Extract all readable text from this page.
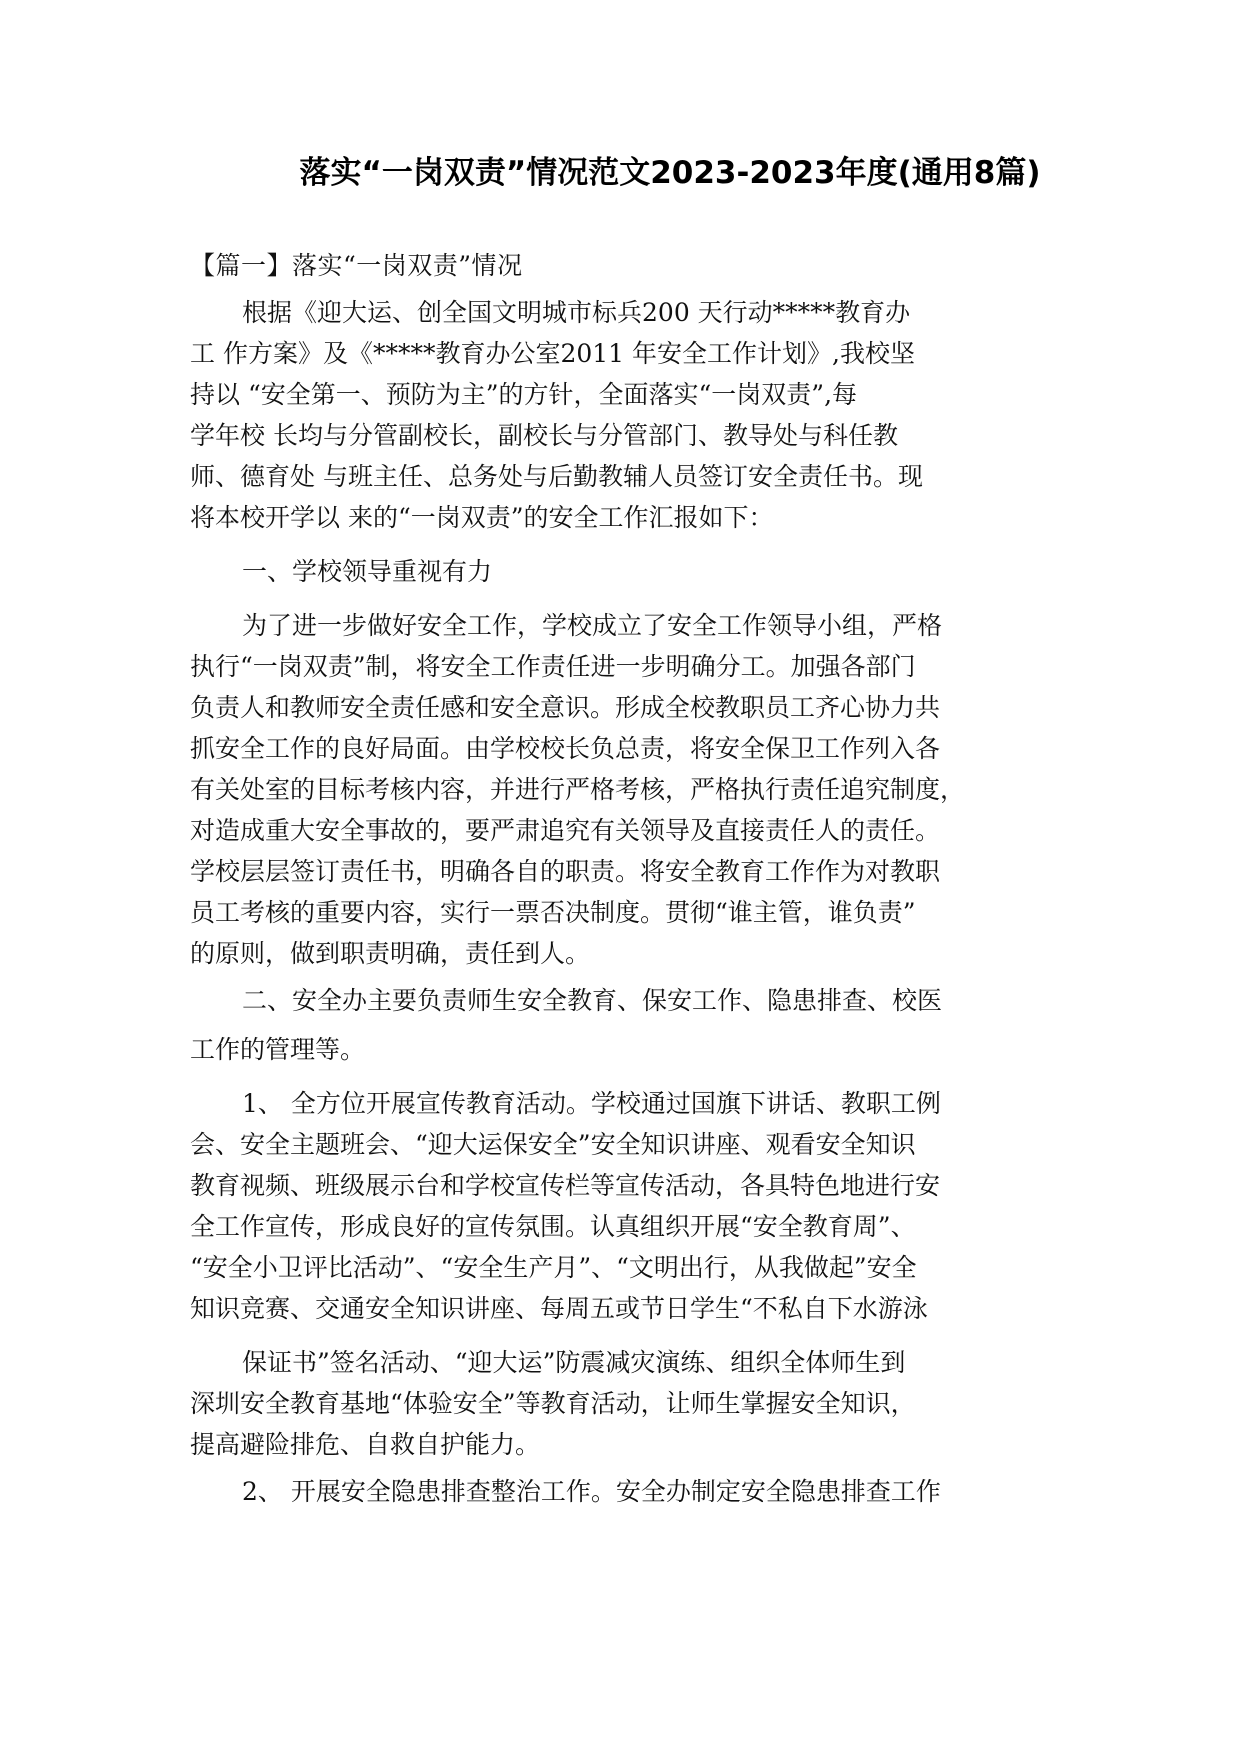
落实“一岗双责”情况范文2023-2023年度(通用8篇)

【篇一】落实“一岗双责”情况

根据《迎大运、创全国文明城市标兵200 天行动*****教育办

工 作方案》及《*****教育办公室2011 年安全工作计划》,我校坚

持以 “安全第一、预防为主”的方针，全面落实“一岗双责”,每

学年校 长均与分管副校长，副校长与分管部门、教导处与科任教

师、德育处 与班主任、总务处与后勤教辅人员签订安全责任书。现

将本校开学以 来的“一岗双责”的安全工作汇报如下：

一、学校领导重视有力

为了进一步做好安全工作，学校成立了安全工作领导小组，严格

执行“一岗双责”制，将安全工作责任进一步明确分工。加强各部门

负责人和教师安全责任感和安全意识。形成全校教职员工齐心协力共

抓安全工作的良好局面。由学校校长负总责，将安全保卫工作列入各

有关处室的目标考核内容，并进行严格考核，严格执行责任追究制度，

对造成重大安全事故的，要严肃追究有关领导及直接责任人的责任。

学校层层签订责任书，明确各自的职责。将安全教育工作作为对教职

员工考核的重要内容，实行一票否决制度。贯彻“谁主管，谁负责”

的原则，做到职责明确，责任到人。

二、安全办主要负责师生安全教育、保安工作、隐患排查、校医

工作的管理等。

1、 全方位开展宣传教育活动。学校通过国旗下讲话、教职工例

会、安全主题班会、“迎大运保安全”安全知识讲座、观看安全知识

教育视频、班级展示台和学校宣传栏等宣传活动，各具特色地进行安

全工作宣传，形成良好的宣传氛围。认真组织开展“安全教育周”、

“安全小卫评比活动”、“安全生产月”、“文明出行，从我做起”安全

知识竞赛、交通安全知识讲座、每周五或节日学生“不私自下水游泳

保证书”签名活动、“迎大运”防震减灾演练、组织全体师生到

深圳安全教育基地“体验安全”等教育活动，让师生掌握安全知识，

提高避险排危、自救自护能力。

2、 开展安全隐患排查整治工作。安全办制定安全隐患排查工作
